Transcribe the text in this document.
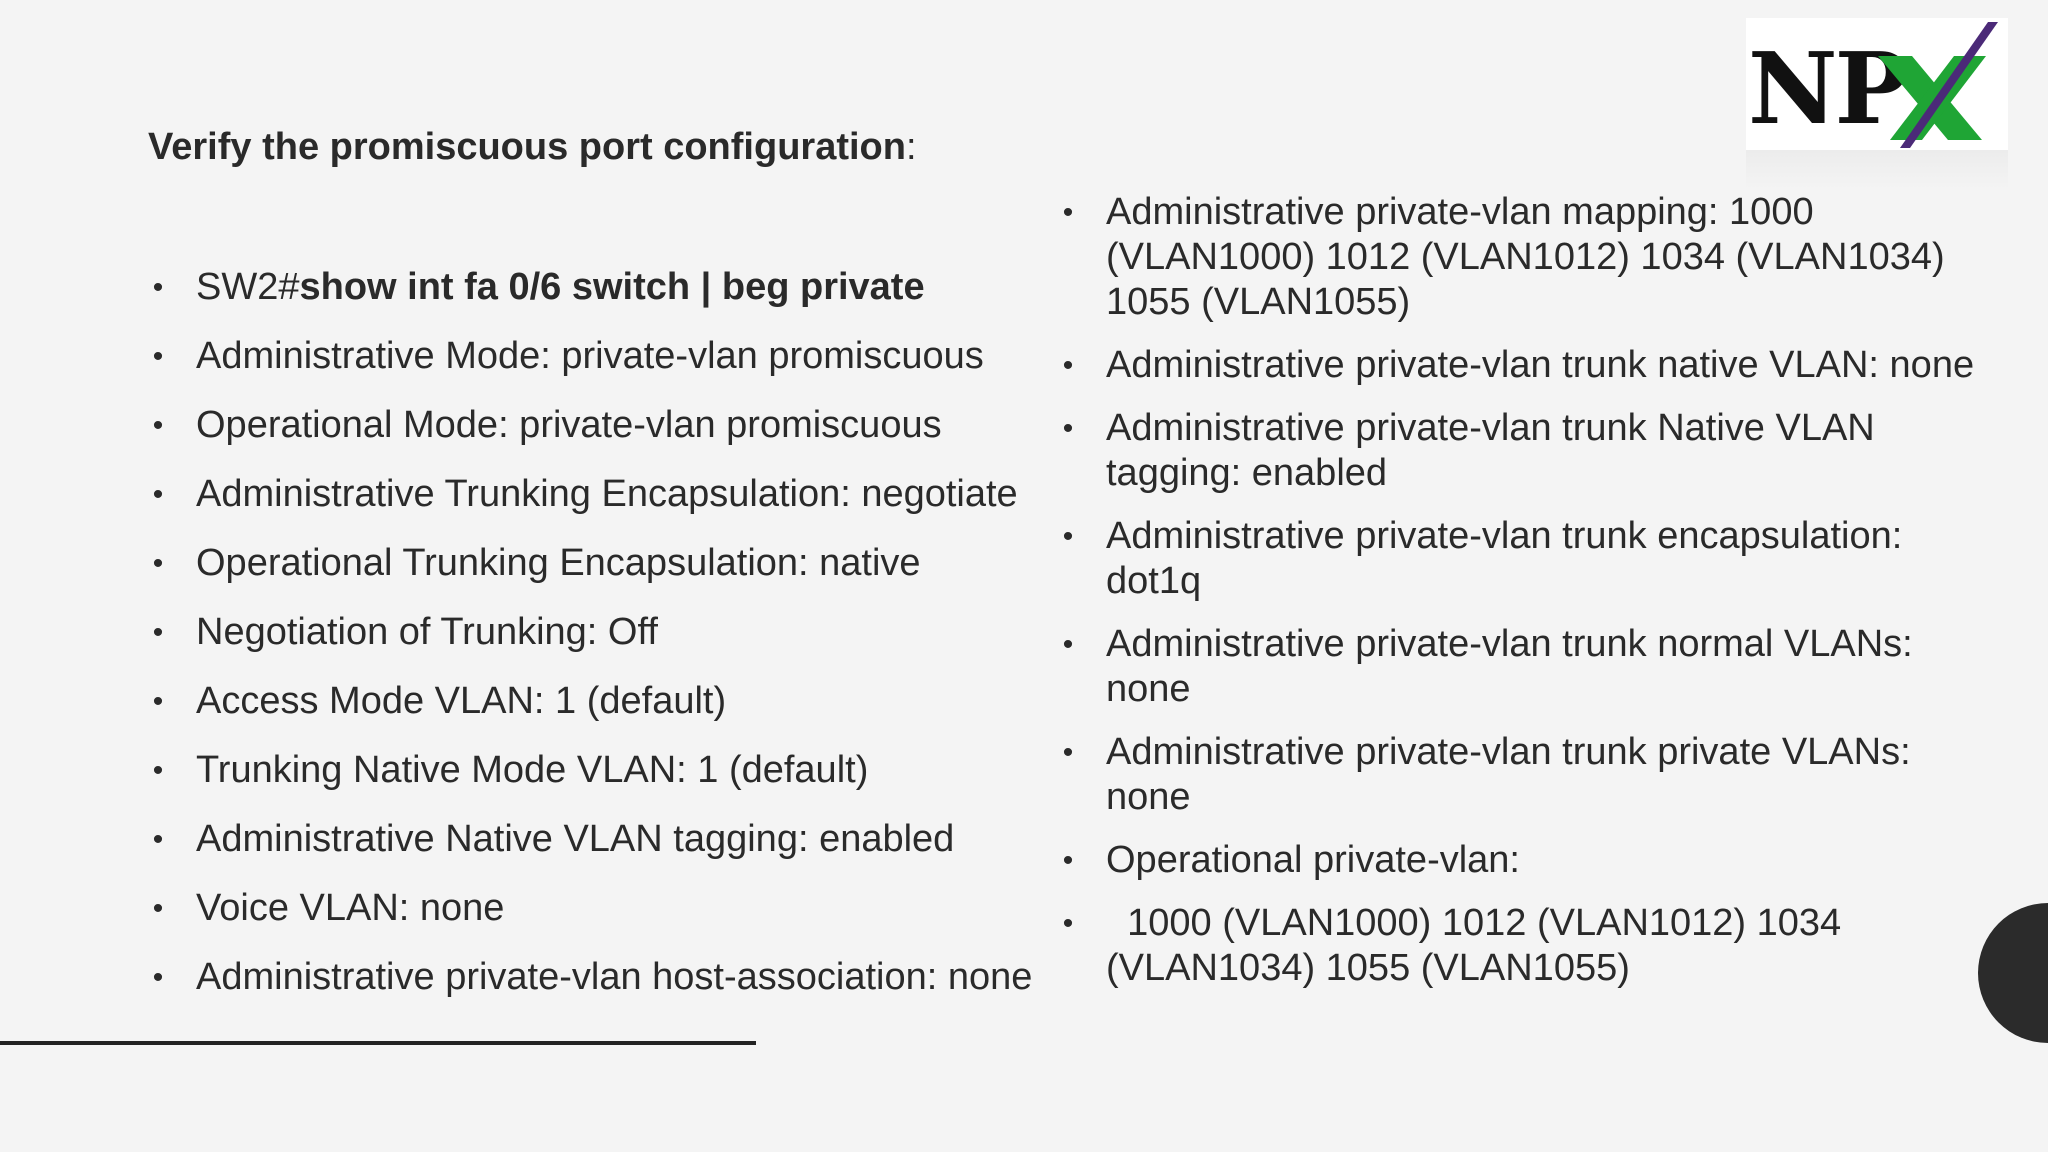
NP
Verify the promiscuous port configuration:
• SW2#show int fa 0/6 switch | beg private
• Administrative Mode: private-vlan promiscuous
• Operational Mode: private-vlan promiscuous
• Administrative Trunking Encapsulation: negotiate
• Operational Trunking Encapsulation: native
• Negotiation of Trunking: Off
• Access Mode VLAN: 1 (default)
• Trunking Native Mode VLAN: 1 (default)
• Administrative Native VLAN tagging: enabled
• Voice VLAN: none
• Administrative private-vlan host-association: none
• Administrative private-vlan mapping: 1000 (VLAN1000) 1012 (VLAN1012) 1034 (VLAN1034) 1055 (VLAN1055)
• Administrative private-vlan trunk native VLAN: none
• Administrative private-vlan trunk Native VLAN tagging: enabled
• Administrative private-vlan trunk encapsulation: dot1q
• Administrative private-vlan trunk normal VLANs: none
• Administrative private-vlan trunk private VLANs: none
• Operational private-vlan:
• 1000 (VLAN1000) 1012 (VLAN1012) 1034 (VLAN1034) 1055 (VLAN1055)
